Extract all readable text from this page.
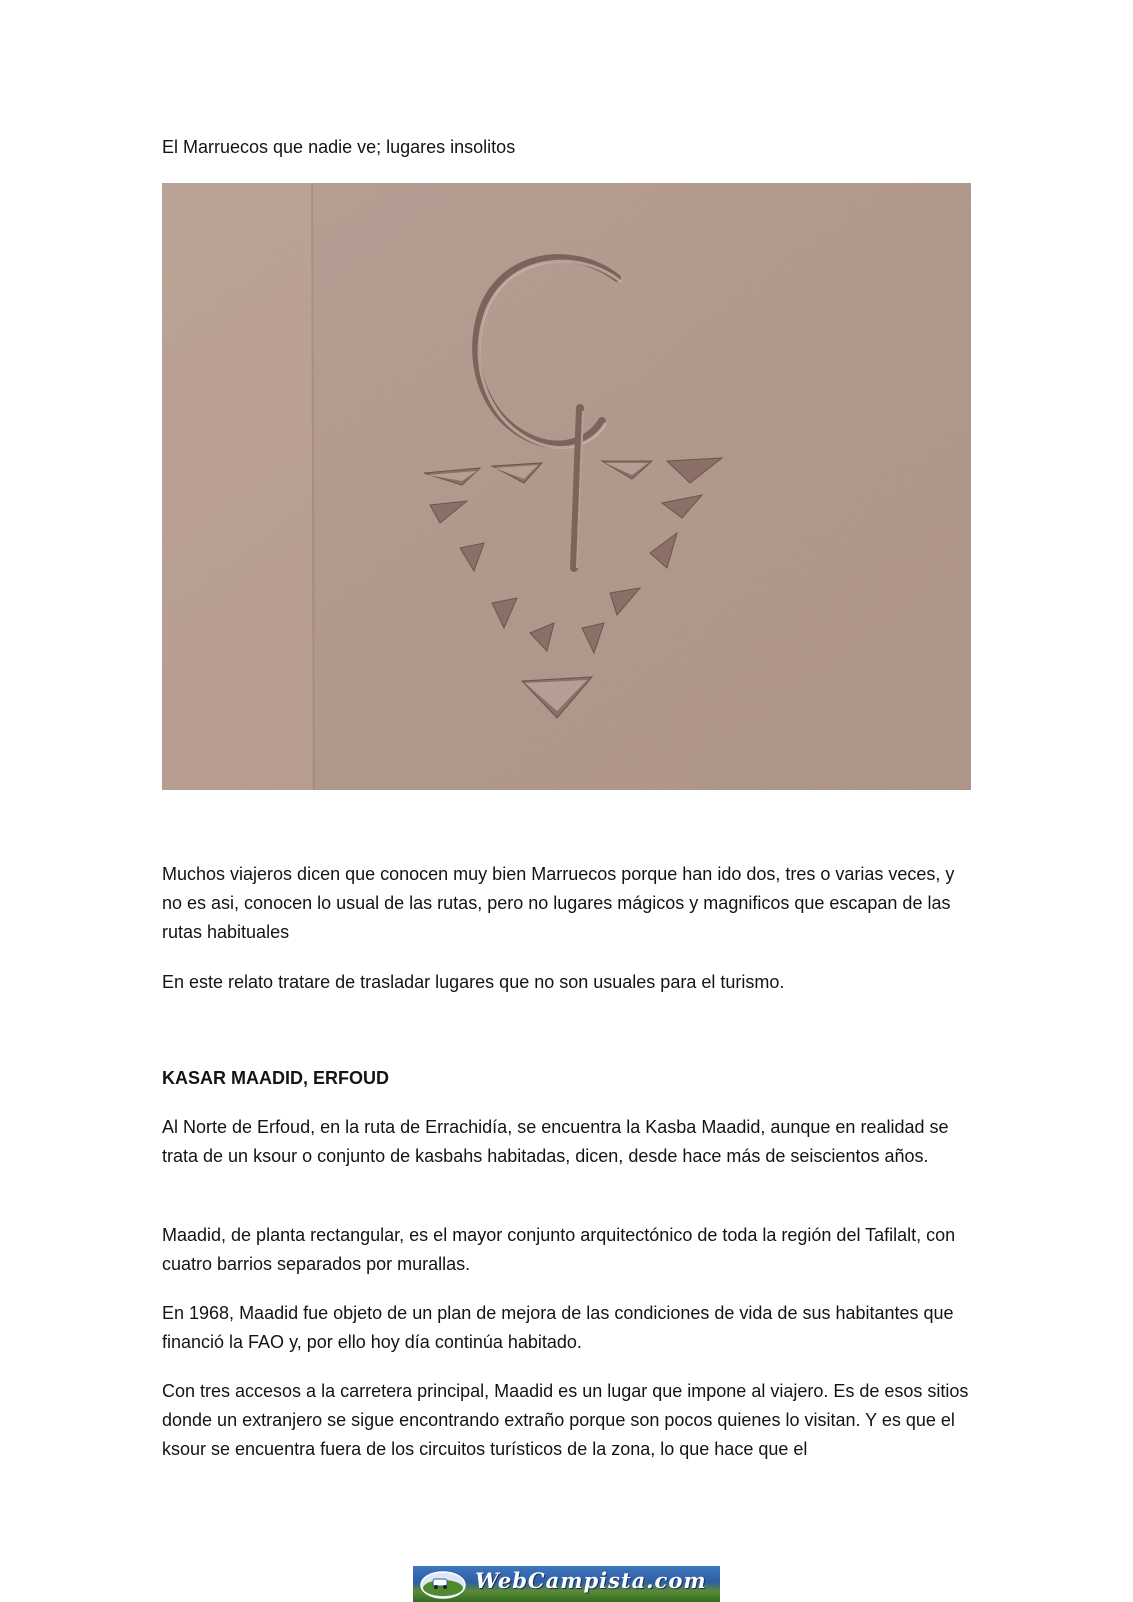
El Marruecos que nadie ve; lugares insolitos

Muchos viajeros dicen que conocen muy bien Marruecos porque han ido dos, tres o varias veces, y no es asi, conocen lo usual de las rutas, pero no lugares mágicos y magnificos que escapan de las rutas habituales

En este relato tratare de trasladar lugares que no son usuales para el turismo.

KASAR MAADID, ERFOUD

Al Norte de Erfoud, en la ruta de Errachidía, se encuentra la Kasba Maadid, aunque en realidad se trata de un ksour o conjunto de kasbahs habitadas, dicen, desde hace más de seiscientos años.

Maadid, de planta rectangular, es el mayor conjunto arquitectónico de toda la región del Tafilalt, con cuatro barrios separados por murallas.

En 1968, Maadid fue objeto de un plan de mejora de las condiciones de vida de sus habitantes que financió la FAO y, por ello hoy día continúa habitado.

Con tres accesos a la carretera principal, Maadid es un lugar que impone al viajero. Es de esos sitios donde un extranjero se sigue encontrando extraño porque son pocos quienes lo visitan. Y es que el ksour se encuentra fuera de los circuitos turísticos de la zona, lo que hace que el

WebCampista.com
